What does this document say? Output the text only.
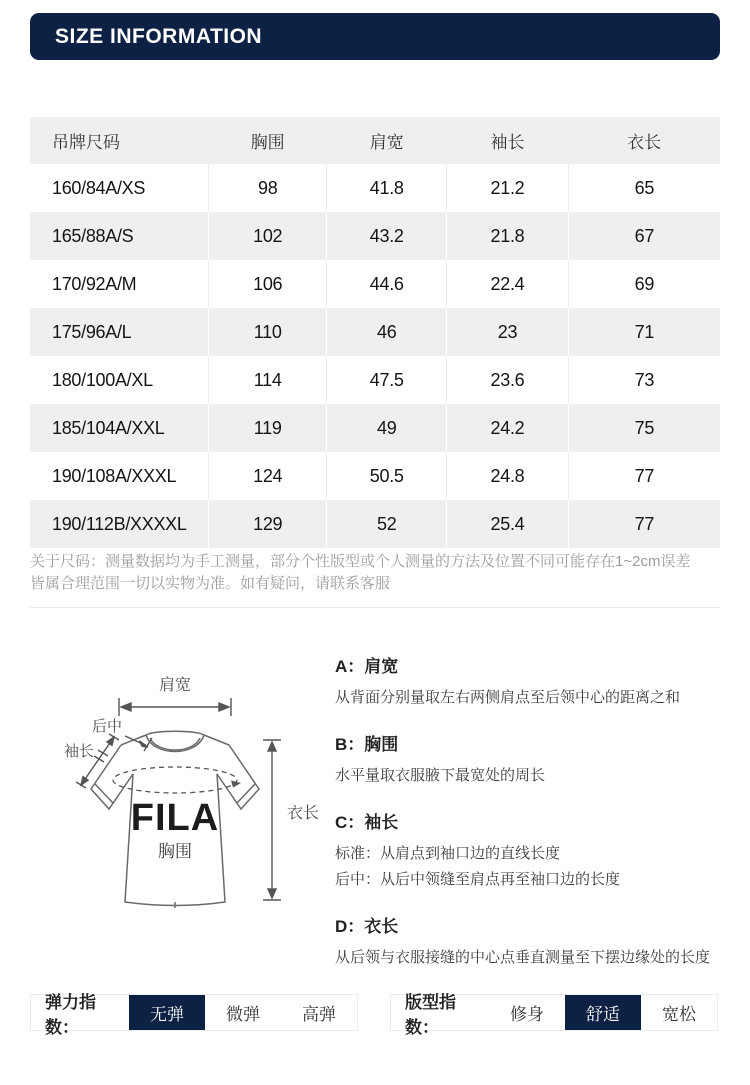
SIZE INFORMATION
吊牌尺码	胸围	肩宽	袖长	衣长
160/84A/XS	98	41.8	21.2	65
165/88A/S	102	43.2	21.8	67
170/92A/M	106	44.6	22.4	69
175/96A/L	110	46	23	71
180/100A/XL	114	47.5	23.6	73
185/104A/XXL	119	49	24.2	75
190/108A/XXXL	124	50.5	24.8	77
190/112B/XXXXL	129	52	25.4	77
关于尺码：测量数据均为手工测量，部分个性版型或个人测量的方法及位置不同可能存在1~2cm误差
皆属合理范围一切以实物为准。如有疑问，请联系客服
肩宽
后中
袖长
FILA
胸围
衣长
A：肩宽
从背面分别量取左右两侧肩点至后领中心的距离之和
B：胸围
水平量取衣服腋下最宽处的周长
C：袖长
标准：从肩点到袖口边的直线长度
后中：从后中领缝至肩点再至袖口边的长度
D：衣长
从后领与衣服接缝的中心点垂直测量至下摆边缘处的长度
弹力指数：
无弹	微弹	高弹
版型指数：
修身	舒适	宽松
